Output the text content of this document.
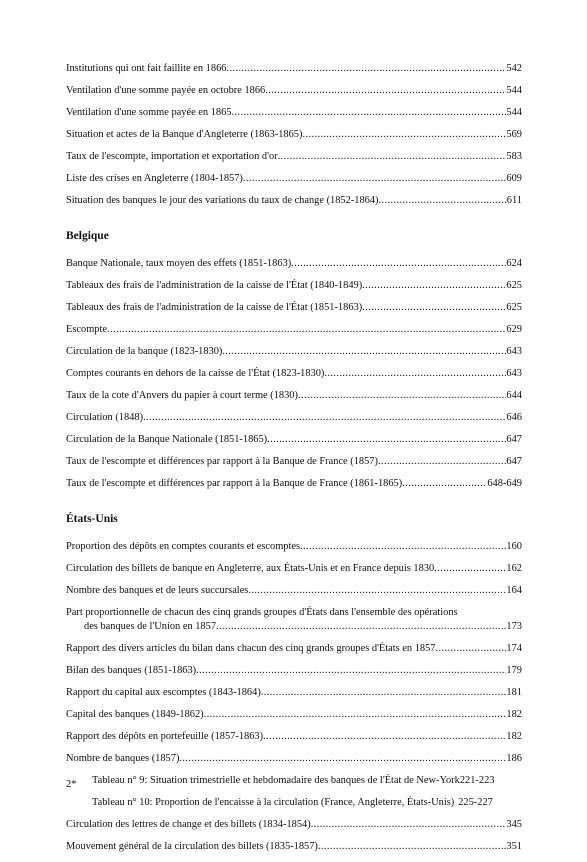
Institutions qui ont fait faillite en 1866 .....	542
Ventilation d'une somme payée en octobre 1866 .....	544
Ventilation d'une somme payée en 1865 .....	544
Situation et actes de la Banque d'Angleterre (1863-1865) .....	569
Taux de l'escompte, importation et exportation d'or .....	583
Liste des crises en Angleterre (1804-1857) .....	609
Situation des banques le jour des variations du taux de change (1852-1864) .....	611
Belgique
Banque Nationale, taux moyen des effets (1851-1863) .....	624
Tableaux des frais de l'administration de la caisse de l'État (1840-1849) .....	625
Tableaux des frais de l'administration de la caisse de l'État (1851-1863) .....	625
Escompte .....	629
Circulation de la banque (1823-1830) .....	643
Comptes courants en dehors de la caisse de l'État (1823-1830) .....	643
Taux de la cote d'Anvers du papier à court terme (1830) .....	644
Circulation (1848) .....	646
Circulation de la Banque Nationale (1851-1865) .....	647
Taux de l'escompte et différences par rapport à la Banque de France (1857) .....	647
Taux de l'escompte et différences par rapport à la Banque de France (1861-1865) .....	648-649
États-Unis
Proportion des dépôts en comptes courants et escomptes .....	160
Circulation des billets de banque en Angleterre, aux États-Unis et en France depuis 1830 .....	162
Nombre des banques et de leurs succursales .....	164
Part proportionnelle de chacun des cinq grands groupes d'États dans l'ensemble des opérations
des banques de l'Union en 1857 .....	173
Rapport des divers articles du bilan dans chacun des cinq grands groupes d'États en 1857 .....	174
Bilan des banques (1851-1863) .....	179
Rapport du capital aux escomptes (1843-1864) .....	181
Capital des banques (1849-1862) .....	182
Rapport des dépôts en portefeuille (1857-1863) .....	182
Nombre de banques (1857) .....	186
Tableau n° 9: Situation trimestrielle et hebdomadaire des banques de l'État de New-York 221-223
Tableau n° 10: Proportion de l'encaisse à la circulation (France, Angleterre, États-Unis) 225-227
Circulation des lettres de change et des billets (1834-1854) .....	345
Mouvement général de la circulation des billets (1835-1857) .....	351
2*
